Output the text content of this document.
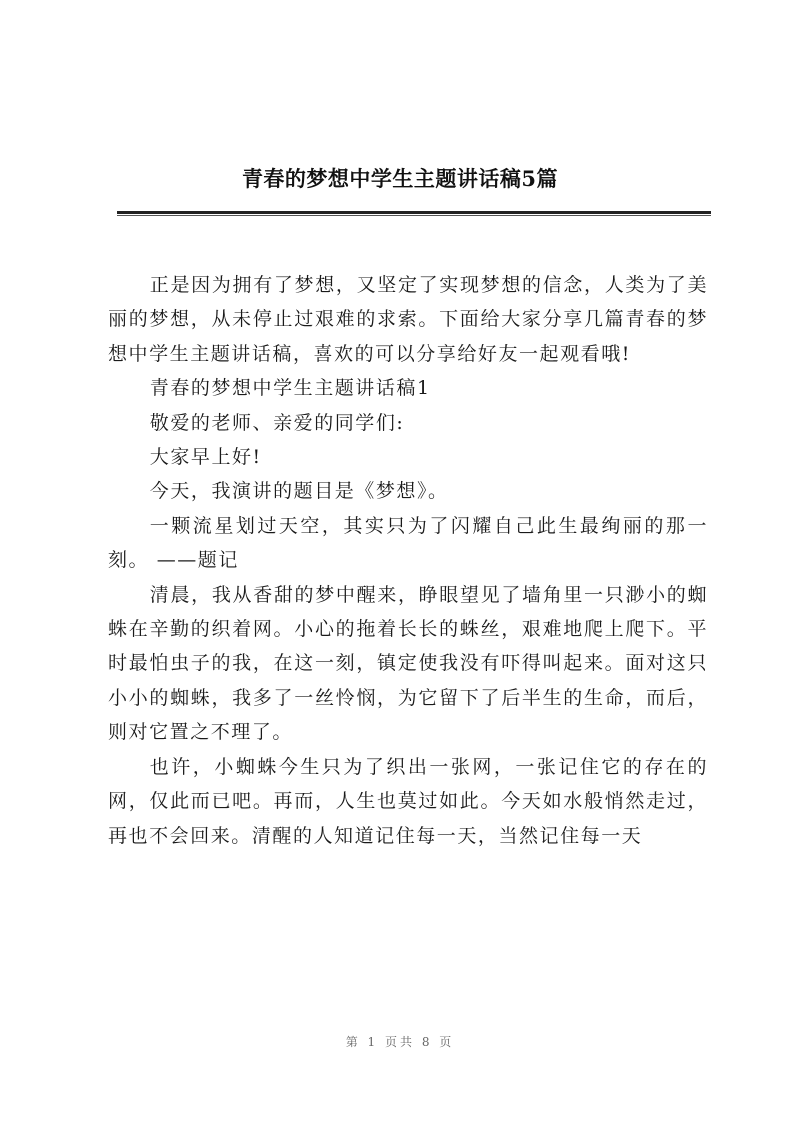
青春的梦想中学生主题讲话稿5篇

正是因为拥有了梦想，又坚定了实现梦想的信念，人类为了美丽的梦想，从未停止过艰难的求索。下面给大家分享几篇青春的梦想中学生主题讲话稿，喜欢的可以分享给好友一起观看哦!

青春的梦想中学生主题讲话稿1

敬爱的老师、亲爱的同学们:

大家早上好!

今天，我演讲的题目是《梦想》。

一颗流星划过天空，其实只为了闪耀自己此生最绚丽的那一刻。 ——题记

清晨，我从香甜的梦中醒来，睁眼望见了墙角里一只渺小的蜘蛛在辛勤的织着网。小心的拖着长长的蛛丝，艰难地爬上爬下。平时最怕虫子的我，在这一刻，镇定使我没有吓得叫起来。面对这只小小的蜘蛛，我多了一丝怜悯，为它留下了后半生的生命，而后，则对它置之不理了。

也许，小蜘蛛今生只为了织出一张网，一张记住它的存在的网，仅此而已吧。再而，人生也莫过如此。今天如水般悄然走过，再也不会回来。清醒的人知道记住每一天，当然记住每一天

第 1 页共 8 页
